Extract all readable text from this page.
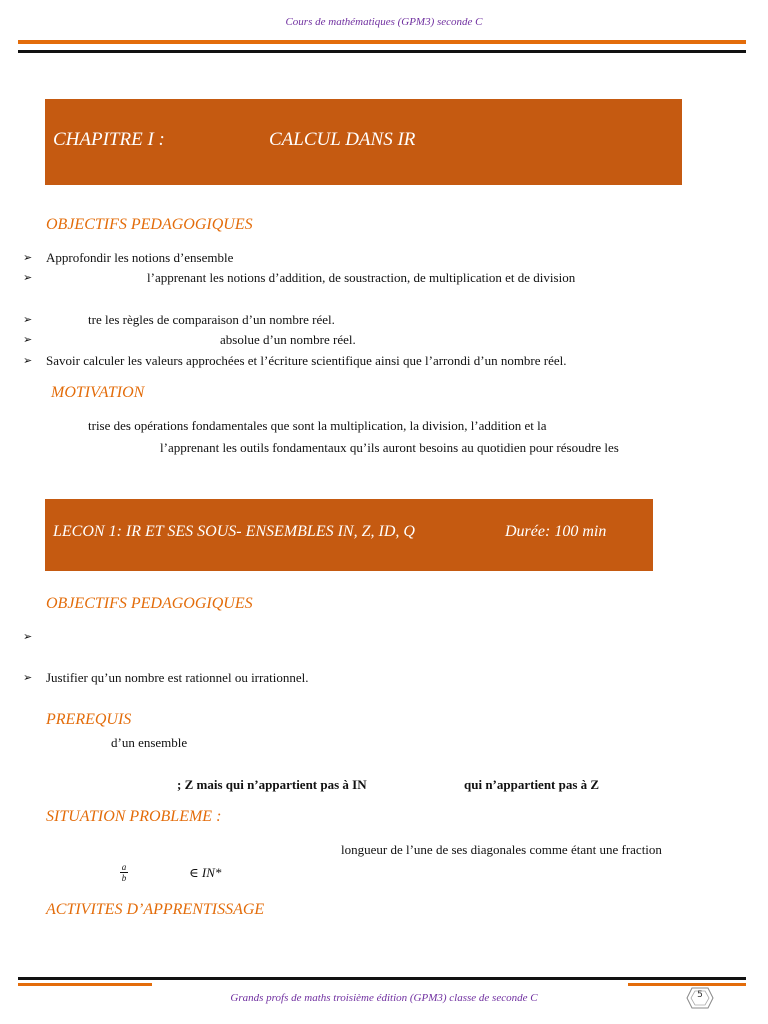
Cours de mathématiques (GPM3) seconde C
CHAPITRE I :	CALCUL DANS IR
OBJECTIFS PEDAGOGIQUES
➢ Approfondir les notions d’ensemble
➢	l’apprenant les notions d’addition, de soustraction, de multiplication et de division
➢	tre les règles de comparaison d’un nombre réel.
➢	absolue d’un nombre réel.
➢ Savoir calculer les valeurs approchées et l’écriture scientifique ainsi que l’arrondi d’un nombre réel.
MOTIVATION
trise des opérations fondamentales que sont la multiplication, la division, l’addition et la
l’apprenant les outils fondamentaux qu’ils auront besoins au quotidien pour résoudre les
LECON 1: IR ET SES SOUS- ENSEMBLES IN, Z, ID, Q	Durée: 100 min
OBJECTIFS PEDAGOGIQUES
➢
➢ Justifier qu’un nombre est rationnel ou irrationnel.
PREREQUIS
d’un ensemble
; Z mais qui n’appartient pas à IN	qui n’appartient pas à Z
SITUATION PROBLEME :
longueur de l’une de ses diagonales comme étant une fraction
a
b	∈ IN*
ACTIVITES D’APPRENTISSAGE
Grands profs de maths troisième édition (GPM3) classe de seconde C	5
